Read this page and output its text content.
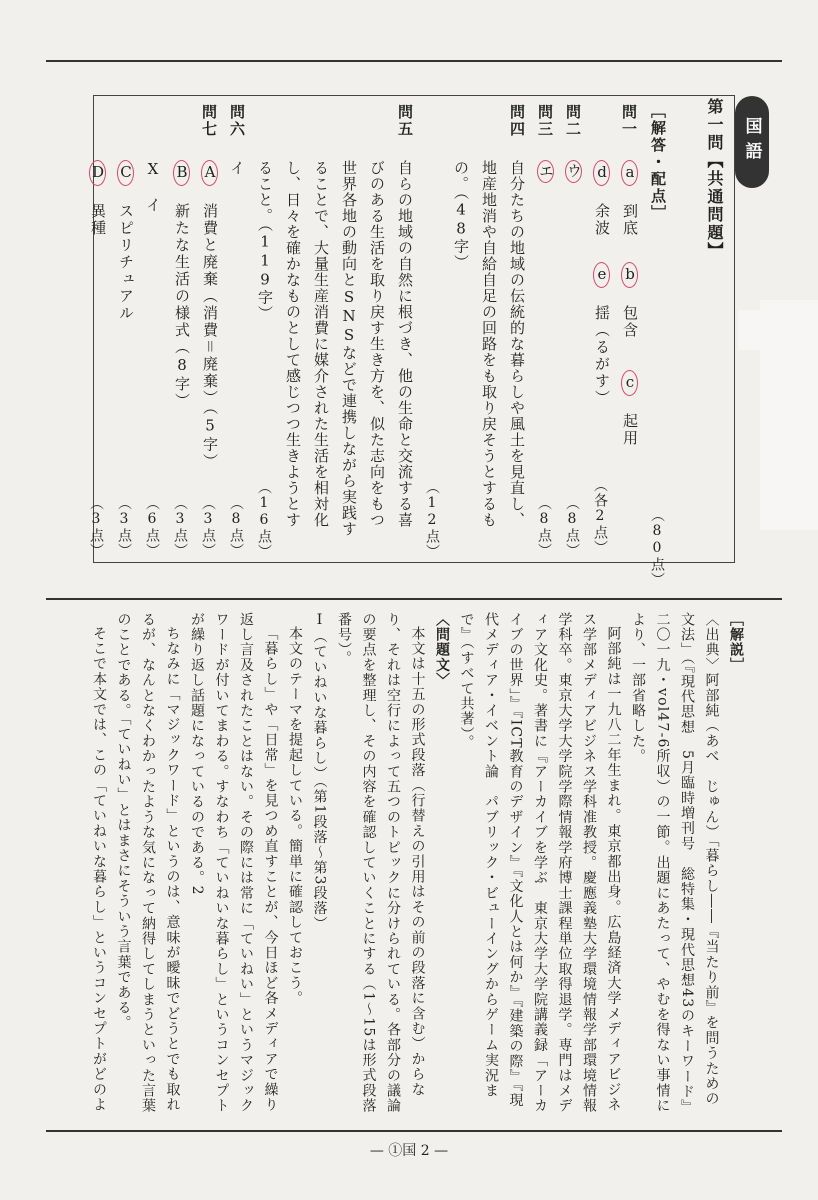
国語
第一問【共通問題】
［解答・配点］
（80点）
問一
a　到底
b　包含
c　起用
d　余波
e　揺（るがす）
（各2点）
問二
ウ
（8点）
問三
エ
（8点）
問四
自分たちの地域の伝統的な暮らしや風土を見直し、
地産地消や自給自足の回路をも取り戻そうとするも
の。（48字）
（12点）
問五
自らの地域の自然に根づき、他の生命と交流する喜
びのある生活を取り戻す生き方を、似た志向をもつ
世界各地の動向とSNSなどで連携しながら実践す
ることで、大量生産消費に媒介された生活を相対化
し、日々を確かなものとして感じつつ生きようとす
ること。（119字）
（16点）
問六
イ
（8点）
問七
A　消費と廃棄（消費＝廃棄）（5字）
（3点）
B　新たな生活の様式（8字）
（3点）
X　イ
（6点）
C　スピリチュアル
（3点）
D　異種
（3点）

［解説］

〈出典〉阿部純（あべ　じゅん）「暮らし――『当たり前』を問うための文法」（『現代思想　5月臨時増刊号　総特集・現代思想43のキーワード』二〇一九・vol47-6所収）の一節。出題にあたって、やむを得ない事情により、一部省略した。

阿部純は一九八二年生まれ。東京都出身。広島経済大学メディアビジネス学部メディアビジネス学科准教授。慶應義塾大学環境情報学部環境情報学科卒。東京大学大学院学際情報学府博士課程単位取得退学。専門はメディア文化史。著書に『アーカイブを学ぶ　東京大学大学院講義録「アーカイブの世界」』『ICT教育のデザイン』『文化人とは何か』『建築の際』『現代メディア・イベント論　パブリック・ビューイングからゲーム実況まで』（すべて共著）。

〈問題文〉

本文は十五の形式段落（行替えの引用はその前の段落に含む）からなり、それは空行によって五つのトピックに分けられている。各部分の議論の要点を整理し、その内容を確認していくことにする（1〜15は形式段落番号）。

Ⅰ（ていねいな暮らし）（第1段落〜第3段落）

本文のテーマを提起している。簡単に確認しておこう。

「暮らし」や「日常」を見つめ直すことが、今日ほど各メディアで繰り返し言及されたことはない。その際には常に「ていねい」というマジックワードが付いてまわる。すなわち「ていねいな暮らし」というコンセプトが繰り返し話題になっているのである。2

ちなみに「マジックワード」というのは、意味が曖昧でどうとでも取れるが、なんとなくわかったような気になって納得してしまうといった言葉のことである。「ていねい」とはまさにそういう言葉である。

そこで本文では、この「ていねいな暮らし」というコンセプトがどのよ

— ①国 2 —
